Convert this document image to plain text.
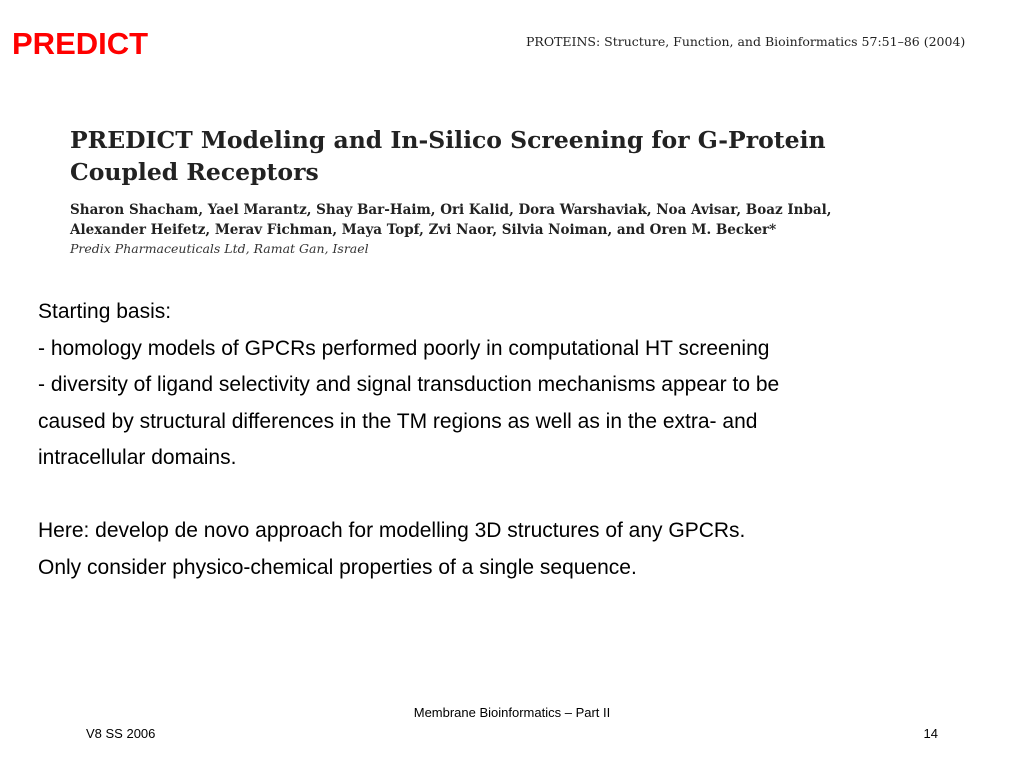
PREDICT	PROTEINS: Structure, Function, and Bioinformatics 57:51–86 (2004)
PREDICT Modeling and In-Silico Screening for G-Protein
Coupled Receptors
Sharon Shacham, Yael Marantz, Shay Bar-Haim, Ori Kalid, Dora Warshaviak, Noa Avisar, Boaz Inbal,
Alexander Heifetz, Merav Fichman, Maya Topf, Zvi Naor, Silvia Noiman, and Oren M. Becker*
Predix Pharmaceuticals Ltd, Ramat Gan, Israel

Starting basis:

- homology models of GPCRs performed poorly in computational HT screening

- diversity of ligand selectivity and signal transduction mechanisms appear to be

caused by structural differences in the TM regions as well as in the extra- and

intracellular domains.

Here: develop de novo approach for modelling 3D structures of any GPCRs.

Only consider physico-chemical properties of a single sequence.

Membrane Bioinformatics – Part II
V8 SS 2006	14
